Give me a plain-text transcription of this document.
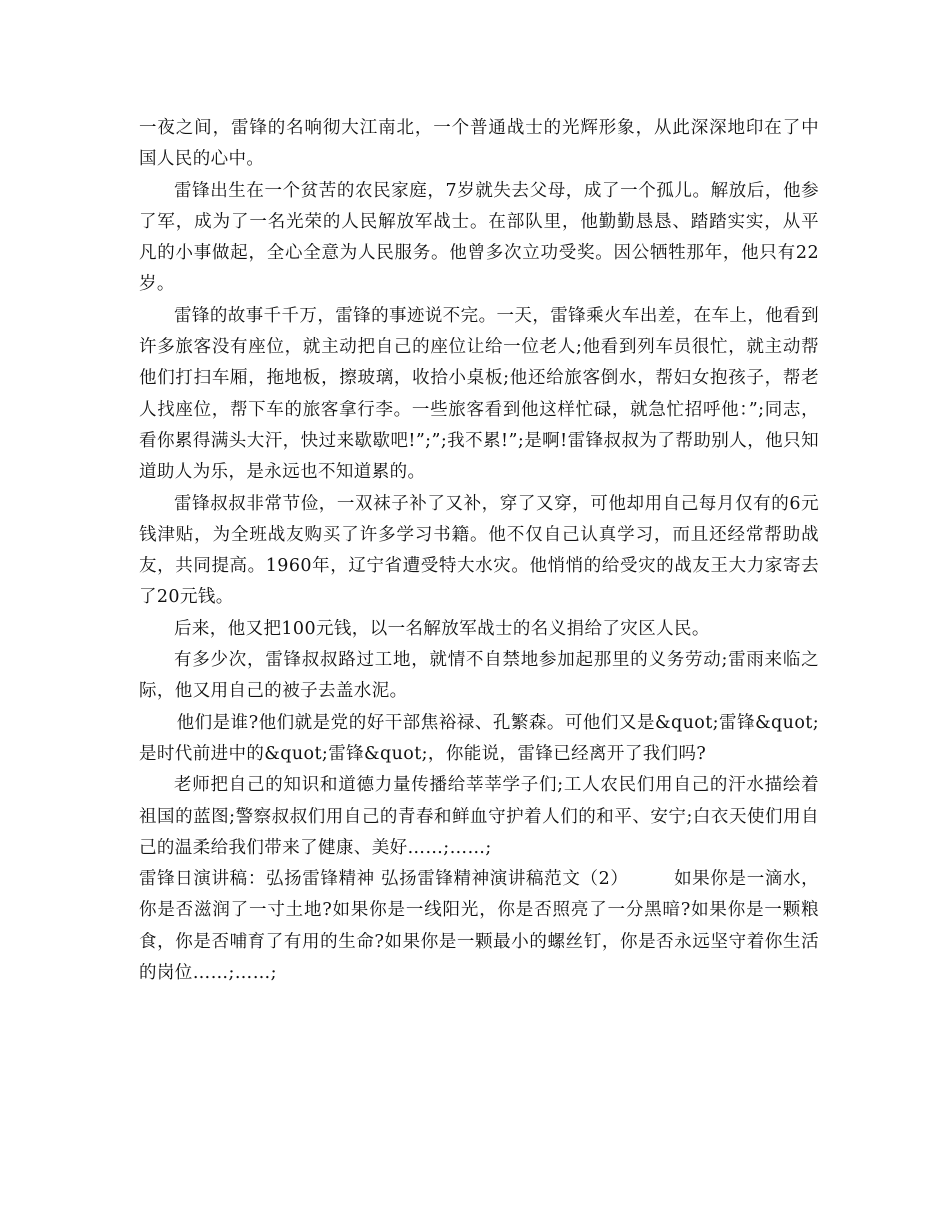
一夜之间，雷锋的名响彻大江南北，一个普通战士的光辉形象，从此深深地印在了中国人民的心中。

雷锋出生在一个贫苦的农民家庭，7岁就失去父母，成了一个孤儿。解放后，他参了军，成为了一名光荣的人民解放军战士。在部队里，他勤勤恳恳、踏踏实实，从平凡的小事做起，全心全意为人民服务。他曾多次立功受奖。因公牺牲那年，他只有22岁。

雷锋的故事千千万，雷锋的事迹说不完。一天，雷锋乘火车出差，在车上，他看到许多旅客没有座位，就主动把自己的座位让给一位老人;他看到列车员很忙，就主动帮他们打扫车厢，拖地板，擦玻璃，收拾小桌板;他还给旅客倒水，帮妇女抱孩子，帮老人找座位，帮下车的旅客拿行李。一些旅客看到他这样忙碌，就急忙招呼他：”;同志，看你累得满头大汗，快过来歇歇吧!”;”;我不累!”;是啊!雷锋叔叔为了帮助别人，他只知道助人为乐，是永远也不知道累的。

雷锋叔叔非常节俭，一双袜子补了又补，穿了又穿，可他却用自己每月仅有的6元钱津贴，为全班战友购买了许多学习书籍。他不仅自己认真学习，而且还经常帮助战友，共同提高。1960年，辽宁省遭受特大水灾。他悄悄的给受灾的战友王大力家寄去了20元钱。

后来，他又把100元钱，以一名解放军战士的名义捐给了灾区人民。

有多少次，雷锋叔叔路过工地，就情不自禁地参加起那里的义务劳动;雷雨来临之际，他又用自己的被子去盖水泥。

他们是谁?他们就是党的好干部焦裕禄、孔繁森。可他们又是&quot;雷锋&quot;是时代前进中的&quot;雷锋&quot;，你能说，雷锋已经离开了我们吗?

老师把自己的知识和道德力量传播给莘莘学子们;工人农民们用自己的汗水描绘着祖国的蓝图;警察叔叔们用自己的青春和鲜血守护着人们的和平、安宁;白衣天使们用自己的温柔给我们带来了健康、美好……;……;

雷锋日演讲稿：弘扬雷锋精神 弘扬雷锋精神演讲稿范文（2）　　　如果你是一滴水，你是否滋润了一寸土地?如果你是一线阳光，你是否照亮了一分黑暗?如果你是一颗粮食，你是否哺育了有用的生命?如果你是一颗最小的螺丝钉，你是否永远坚守着你生活的岗位……;……;
